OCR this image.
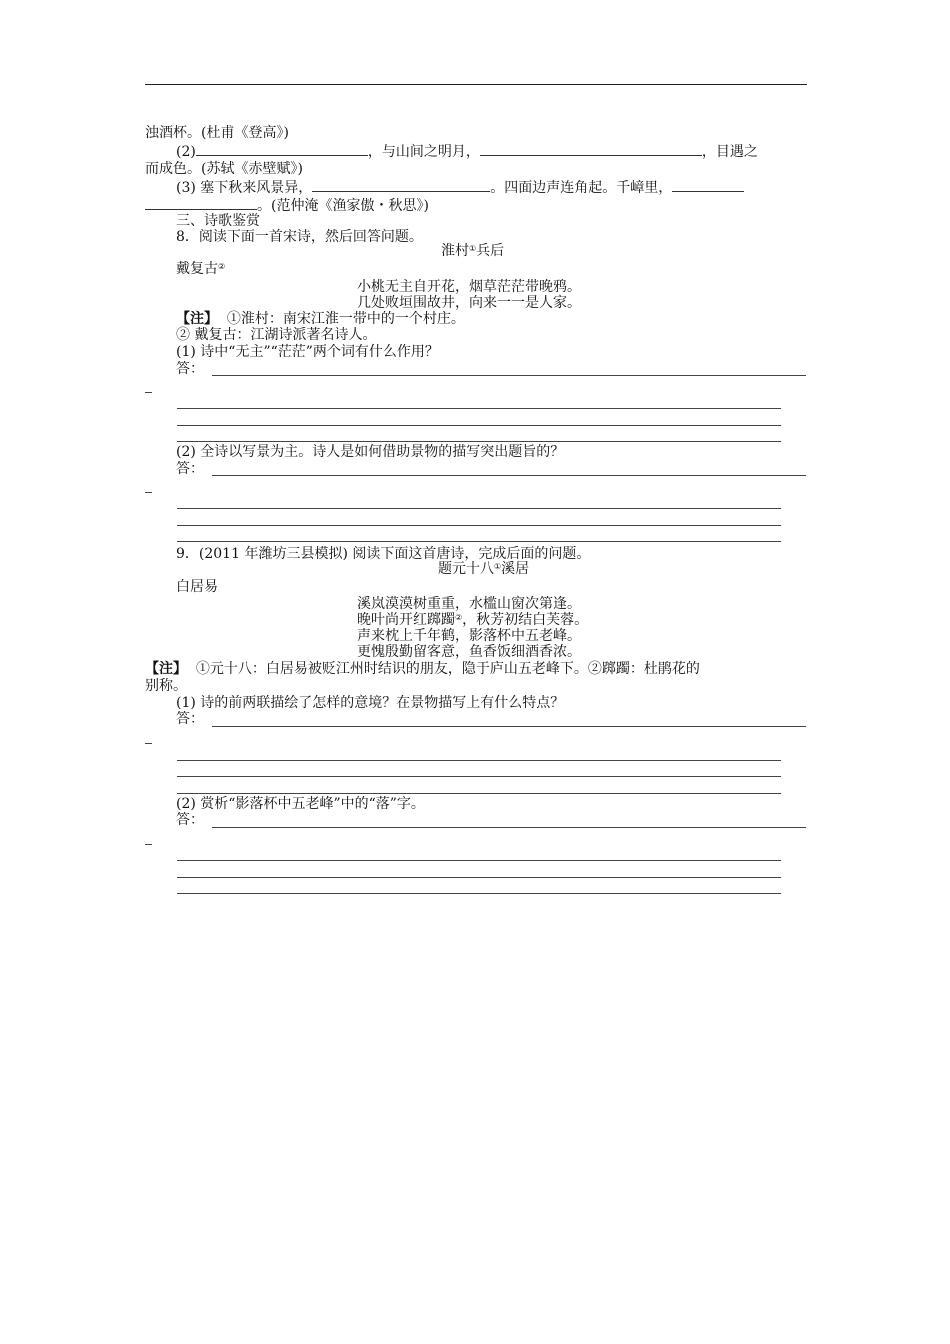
浊酒杯。(杜甫《登高》)
(2)	，与山间之明月，	，目遇之
而成色。(苏轼《赤壁赋》)
(3) 塞下秋来风景异，	。四面边声连角起。千嶂里，
。(范仲淹《渔家傲・秋思》)
三、诗歌鉴赏
8．阅读下面一首宋诗，然后回答问题。
淮村①兵后
戴复古②
小桃无主自开花，烟草茫茫带晚鸦。
几处败垣围故井，向来一一是人家。
【注】 ①淮村：南宋江淮一带中的一个村庄。
② 戴复古：江湖诗派著名诗人。
(1) 诗中“无主”“茫茫”两个词有什么作用？
答：
(2) 全诗以写景为主。诗人是如何借助景物的描写突出题旨的？
答：
9．(2011 年潍坊三县模拟) 阅读下面这首唐诗，完成后面的问题。
题元十八①溪居
白居易
溪岚漠漠树重重，水槛山窗次第逢。
晚叶尚开红踯躅②，秋芳初结白芙蓉。
声来枕上千年鹤，影落杯中五老峰。
更愧殷勤留客意，鱼香饭细酒香浓。
【注】 ①元十八：白居易被贬江州时结识的朋友，隐于庐山五老峰下。②踯躅：杜鹃花的
别称。
(1) 诗的前两联描绘了怎样的意境？在景物描写上有什么特点？
答：
(2) 赏析“影落杯中五老峰”中的“落”字。
答：
